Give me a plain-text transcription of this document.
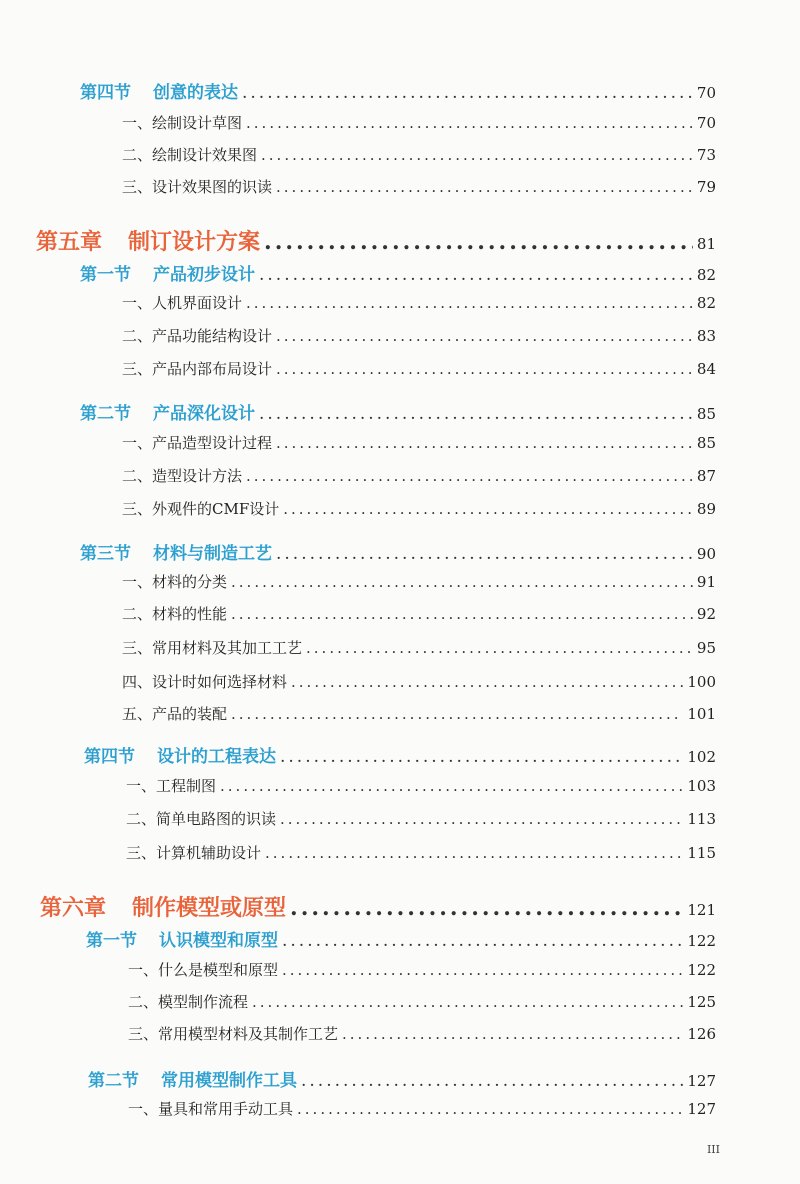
第四节 创意的表达 .....	70
一、绘制设计草图 .....	70
二、绘制设计效果图 .....	73
三、设计效果图的识读 .....	79
第五章 制订设计方案 .....	81
第一节 产品初步设计 .....	82
一、人机界面设计 .....	82
二、产品功能结构设计 .....	83
三、产品内部布局设计 .....	84
第二节 产品深化设计 .....	85
一、产品造型设计过程 .....	85
二、造型设计方法 .....	87
三、外观件的CMF设计 .....	89
第三节 材料与制造工艺 .....	90
一、材料的分类 .....	91
二、材料的性能 .....	92
三、常用材料及其加工工艺 .....	95
四、设计时如何选择材料 .....	100
五、产品的装配 .....	101
第四节 设计的工程表达 .....	102
一、工程制图 .....	103
二、简单电路图的识读 .....	113
三、计算机辅助设计 .....	115
第六章 制作模型或原型 .....	121
第一节 认识模型和原型 .....	122
一、什么是模型和原型 .....	122
二、模型制作流程 .....	125
三、常用模型材料及其制作工艺 .....	126
第二节 常用模型制作工具 .....	127
一、量具和常用手动工具 .....	127
III
